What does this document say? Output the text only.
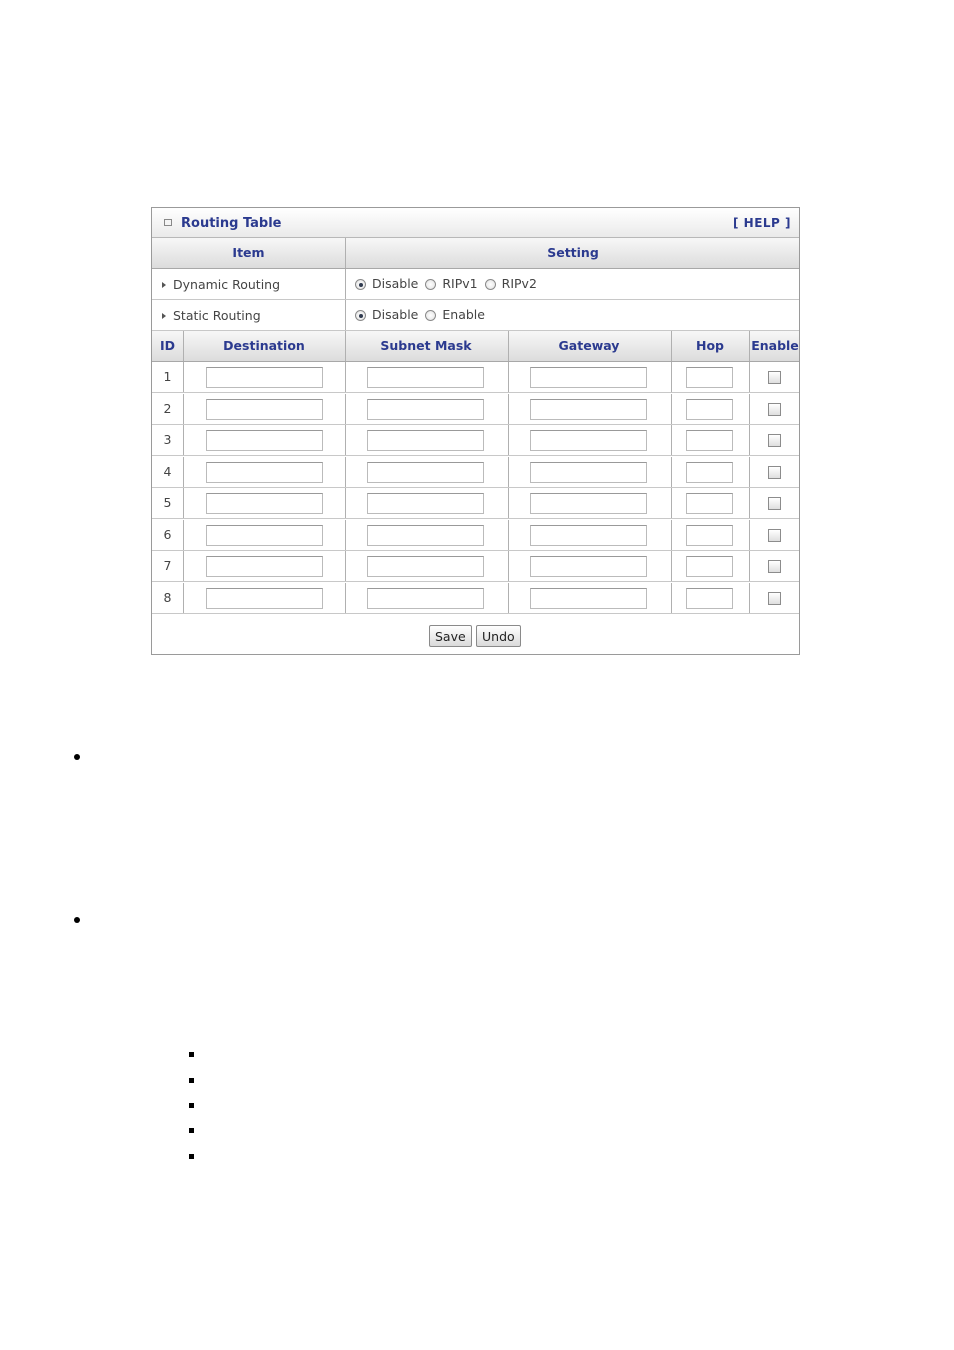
Routing Table	[ HELP ]
Item	Setting
Dynamic Routing	Disable RIPv1 RIPv2
Static Routing	Disable Enable
ID	Destination	Subnet Mask	Gateway	Hop	Enable
1
2
3
4
5
6
7
8
Save	Undo
